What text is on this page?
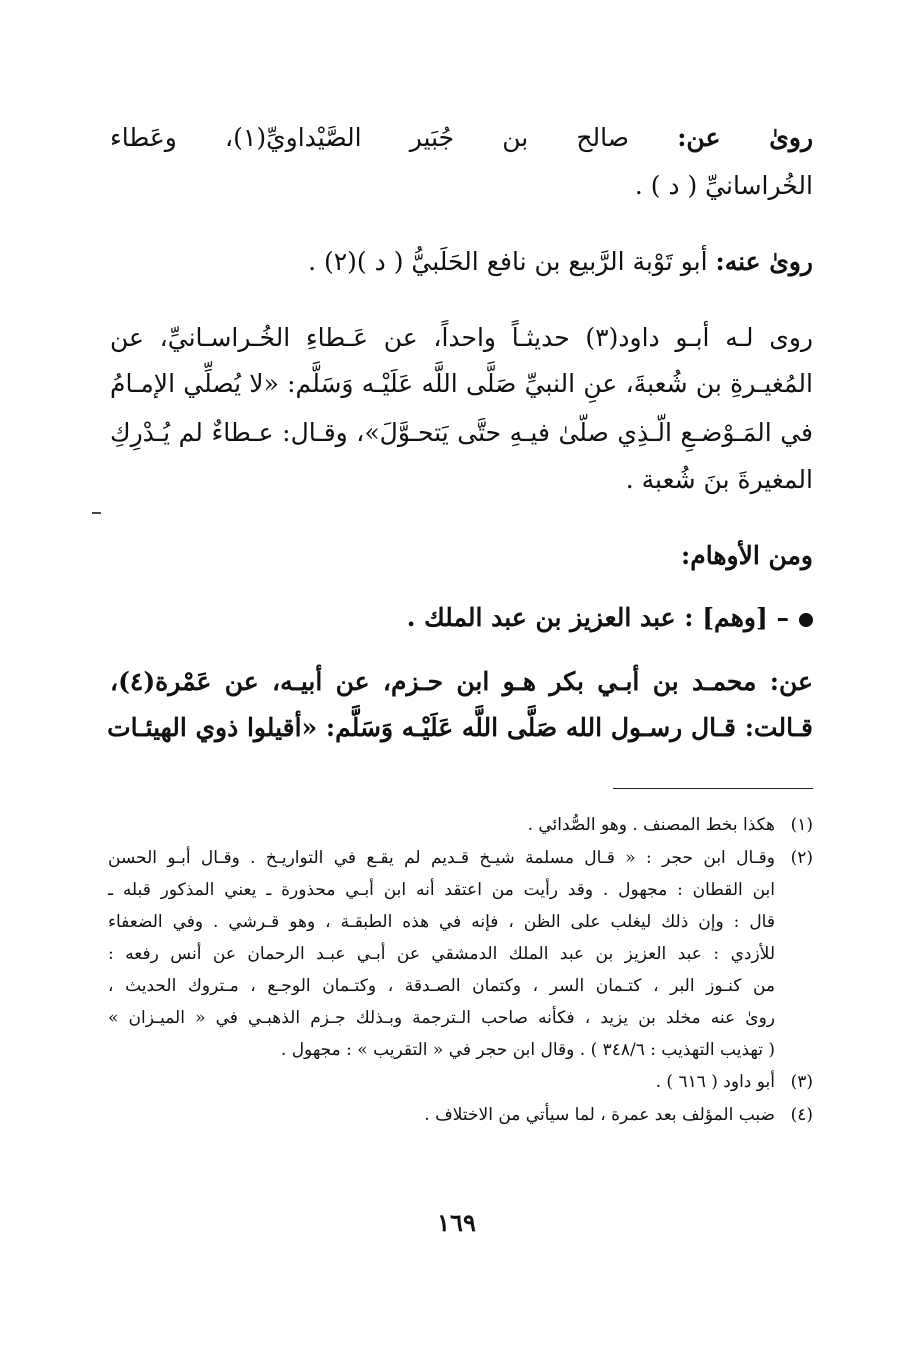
رویٰ عن: صالح بن جُبَير الصَّيْداويِّ(١)، وعَطاء
الخُراسانيِّ ( د ) .
رویٰ عنه: أبو تَوْبة الرَّبيع بن نافع الحَلَبيُّ ( د )(٢) .
روى لـه أبـو داود(٣) حديثـاً واحداً، عن عَـطاءِ الخُـراسـانيِّ، عن
المُغيـرةِ بن شُعبةَ، عنِ النبيِّ صَلَّى اللَّه عَلَيْـه وَسَلَّم: «لا يُصلِّي الإمـامُ
في المَـوْضـعِ الّـذِي صلّىٰ فيـهِ حتَّى يَتحـوَّلَ»، وقـال: عـطاءٌ لم يُـدْرِكِ
المغيرةَ بنَ شُعبة .
ومن الأوهام:
– [وهم] : عبد العزيز بن عبد الملك .
عن: محمـد بن أبـي بكر هـو ابن حـزم، عن أبيـه، عن عَمْرة(٤)،
قـالت: قـال رسـول الله صَلَّى اللَّه عَلَيْـه وَسَلَّم: «أقيلوا ذوي الهيئـات
(١)
هكذا بخط المصنف . وهو الصُّدائي .
(٢)
وقـال ابن حجر : « قـال مسلمة شيـخ قـديم لم يقـع في التواريـخ . وقـال أبـو الحسن
ابن القطان : مجهول . وقد رأيت من اعتقد أنه ابن أبـي محذورة ـ يعني المذكور قبله ـ
قال : وإن ذلك ليغلب على الظن ، فإنه في هذه الطبقـة ، وهو قـرشي . وفي الضعفاء
للأزدي : عبد العزيز بن عبد الملك الدمشقي عن أبـي عبـد الرحمان عن أنس رفعه :
من كنـوز البر ، كتـمان السر ، وكتمان الصـدقة ، وكتـمان الوجـع ، مـتروك الحديث ،
روىٰ عنه مخلد بن يزيد ، فكأنه صاحب الـترجمة وبـذلك جـزم الذهبـي في « الميـزان »
( تهذيب التهذيب : ٣٤٨/٦ ) . وقال ابن حجر في « التقريب » : مجهول .
(٣)
أبو داود ( ٦١٦ ) .
(٤)
ضبب المؤلف بعد عمرة ، لما سيأتي من الاختلاف .
١٦٩
